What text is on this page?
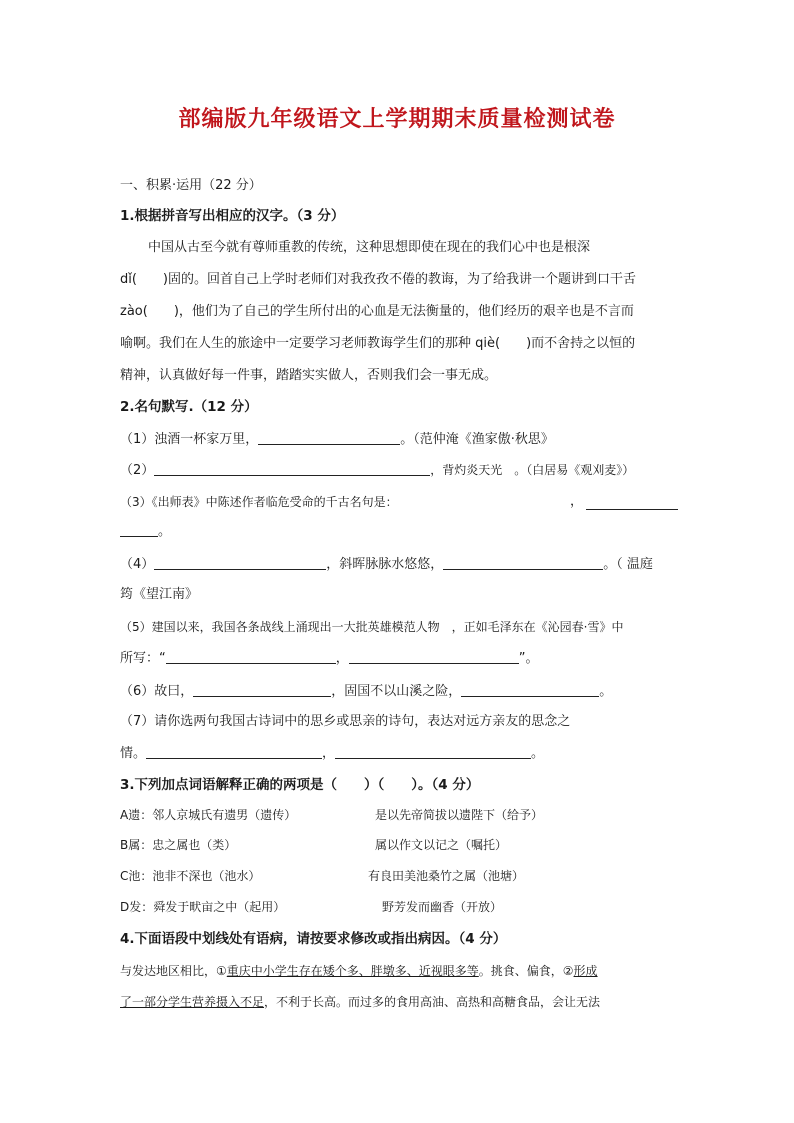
部编版九年级语文上学期期末质量检测试卷
一、积累·运用（22 分）
1.根据拼音写出相应的汉字。（3 分）
中国从古至今就有尊师重教的传统，这种思想即使在现在的我们心中也是根深
dǐ(　　)固的。回首自己上学时老师们对我孜孜不倦的教诲，为了给我讲一个题讲到口干舌
zào(　　)，他们为了自己的学生所付出的心血是无法衡量的，他们经历的艰辛也是不言而
喻啊。我们在人生的旅途中一定要学习老师教诲学生们的那种 qiè(　　)而不舍持之以恒的
精神，认真做好每一件事，踏踏实实做人，否则我们会一事无成。
2.名句默写.（12 分）
（1）浊酒一杯家万里，	。（范仲淹《渔家傲·秋思》
（2）	，背灼炎天光　。（白居易《观刈麦》）
（3）《出师表》中陈述作者临危受命的千古名句是：	，
。
（4）	，斜晖脉脉水悠悠，	。（ 温庭
筠《望江南》
（5）建国以来，我国各条战线上涌现出一大批英雄模范人物　，正如毛泽东在《沁园春·雪》中
所写：“	，	”。
（6）故曰，	，固国不以山溪之险，	。
（7）请你选两句我国古诗词中的思乡或思亲的诗句，表达对远方亲友的思念之
情。	，	。
3.下列加点词语解释正确的两项是（　　）（　　）。（4 分）
A遗：邻人京城氏有遗男（遗传）	是以先帝简拔以遗陛下（给予）
B属：忠之属也（类）	属以作文以记之（嘱托）
C池：池非不深也（池水）	有良田美池桑竹之属（池塘）
D发：舜发于畎亩之中（起用）	野芳发而幽香（开放）
4.下面语段中划线处有语病，请按要求修改或指出病因。（4 分）
与发达地区相比，①重庆中小学生存在矮个多、胖墩多、近视眼多等。挑食、偏食，②形成
了一部分学生营养摄入不足，不利于长高。而过多的食用高油、高热和高糖食品，会让无法
